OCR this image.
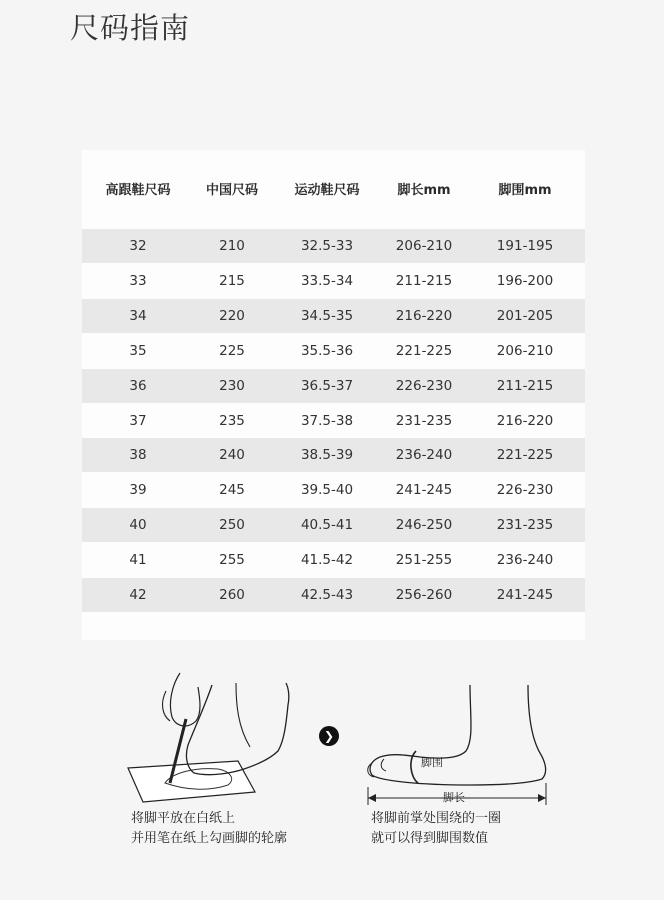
尺码指南
高跟鞋尺码	中国尺码	运动鞋尺码	脚长mm	脚围mm
32	210	32.5-33	206-210	191-195
33	215	33.5-34	211-215	196-200
34	220	34.5-35	216-220	201-205
35	225	35.5-36	221-225	206-210
36	230	36.5-37	226-230	211-215
37	235	37.5-38	231-235	216-220
38	240	38.5-39	236-240	221-225
39	245	39.5-40	241-245	226-230
40	250	40.5-41	246-250	231-235
41	255	41.5-42	251-255	236-240
42	260	42.5-43	256-260	241-245
❯
脚围
脚长
将脚平放在白纸上
并用笔在纸上勾画脚的轮廓
将脚前掌处围绕的一圈
就可以得到脚围数值
